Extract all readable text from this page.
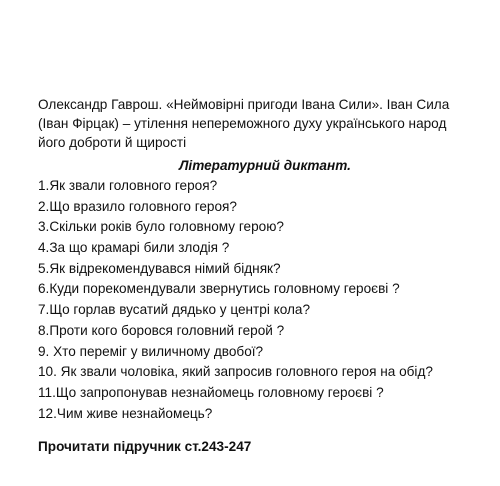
Олександр Гаврош. «Неймовірні пригоди Івана Сили». Іван Сила
(Іван Фірцак) – утілення непереможного духу українського народ
його доброти й щирості
Літературний диктант.
1.Як звали головного героя?
2.Що вразило головного героя?
3.Скільки років було головному герою?
4.За що крамарі били злодія ?
5.Як відрекомендувався німий бідняк?
6.Куди порекомендували звернутись головному героєві ?
7.Що горлав вусатий дядько у центрі кола?
8.Проти кого боровся головний герой ?
9. Хто переміг у виличному двобої?
10. Як звали чоловіка, який запросив головного героя на обід?
11.Що запропонував незнайомець головному героєві ?
12.Чим живе незнайомець?
Прочитати підручник ст.243-247
